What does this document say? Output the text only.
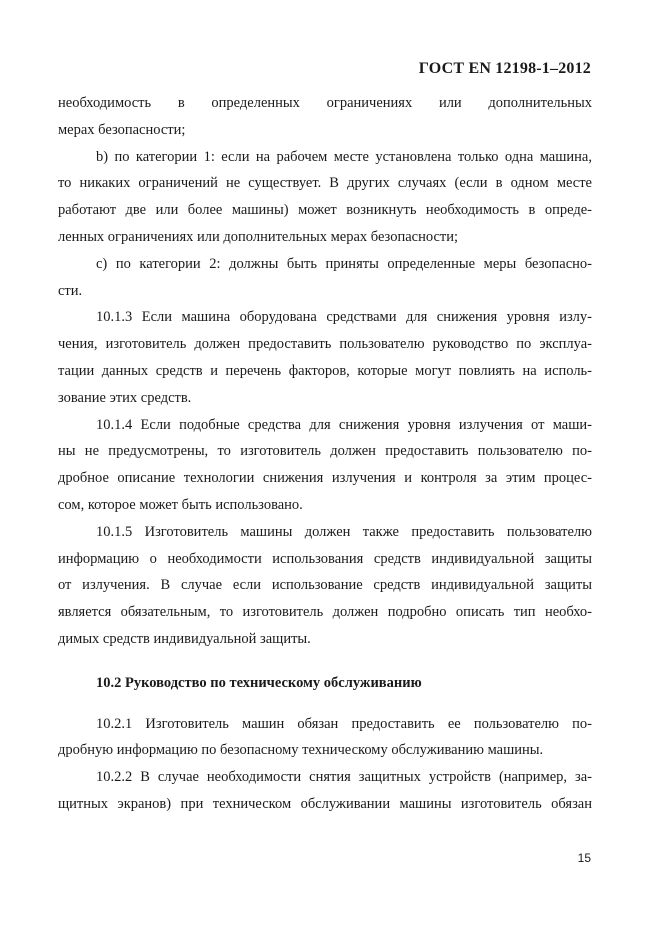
ГОСТ EN 12198-1–2012
необходимость в определенных ограничениях или дополнительных
мерах безопасности;
b) по категории 1: если на рабочем месте установлена только одна машина,
то никаких ограничений не существует. В других случаях (если в одном месте
работают две или более машины) может возникнуть необходимость в опреде-
ленных ограничениях или дополнительных мерах безопасности;
c) по категории 2: должны быть приняты определенные меры безопасно-
сти.
10.1.3 Если машина оборудована средствами для снижения уровня излу-
чения, изготовитель должен предоставить пользователю руководство по эксплуа-
тации данных средств и перечень факторов, которые могут повлиять на исполь-
зование этих средств.
10.1.4 Если подобные средства для снижения уровня излучения от маши-
ны не предусмотрены, то изготовитель должен предоставить пользователю по-
дробное описание технологии снижения излучения и контроля за этим процес-
сом, которое может быть использовано.
10.1.5 Изготовитель машины должен также предоставить пользователю
информацию о необходимости использования средств индивидуальной защиты
от излучения. В случае если использование средств индивидуальной защиты
является обязательным, то изготовитель должен подробно описать тип необхо-
димых средств индивидуальной защиты.
10.2 Руководство по техническому обслуживанию
10.2.1 Изготовитель машин обязан предоставить ее пользователю по-
дробную информацию по безопасному техническому обслуживанию машины.
10.2.2 В случае необходимости снятия защитных устройств (например, за-
щитных экранов) при техническом обслуживании машины изготовитель обязан
15
